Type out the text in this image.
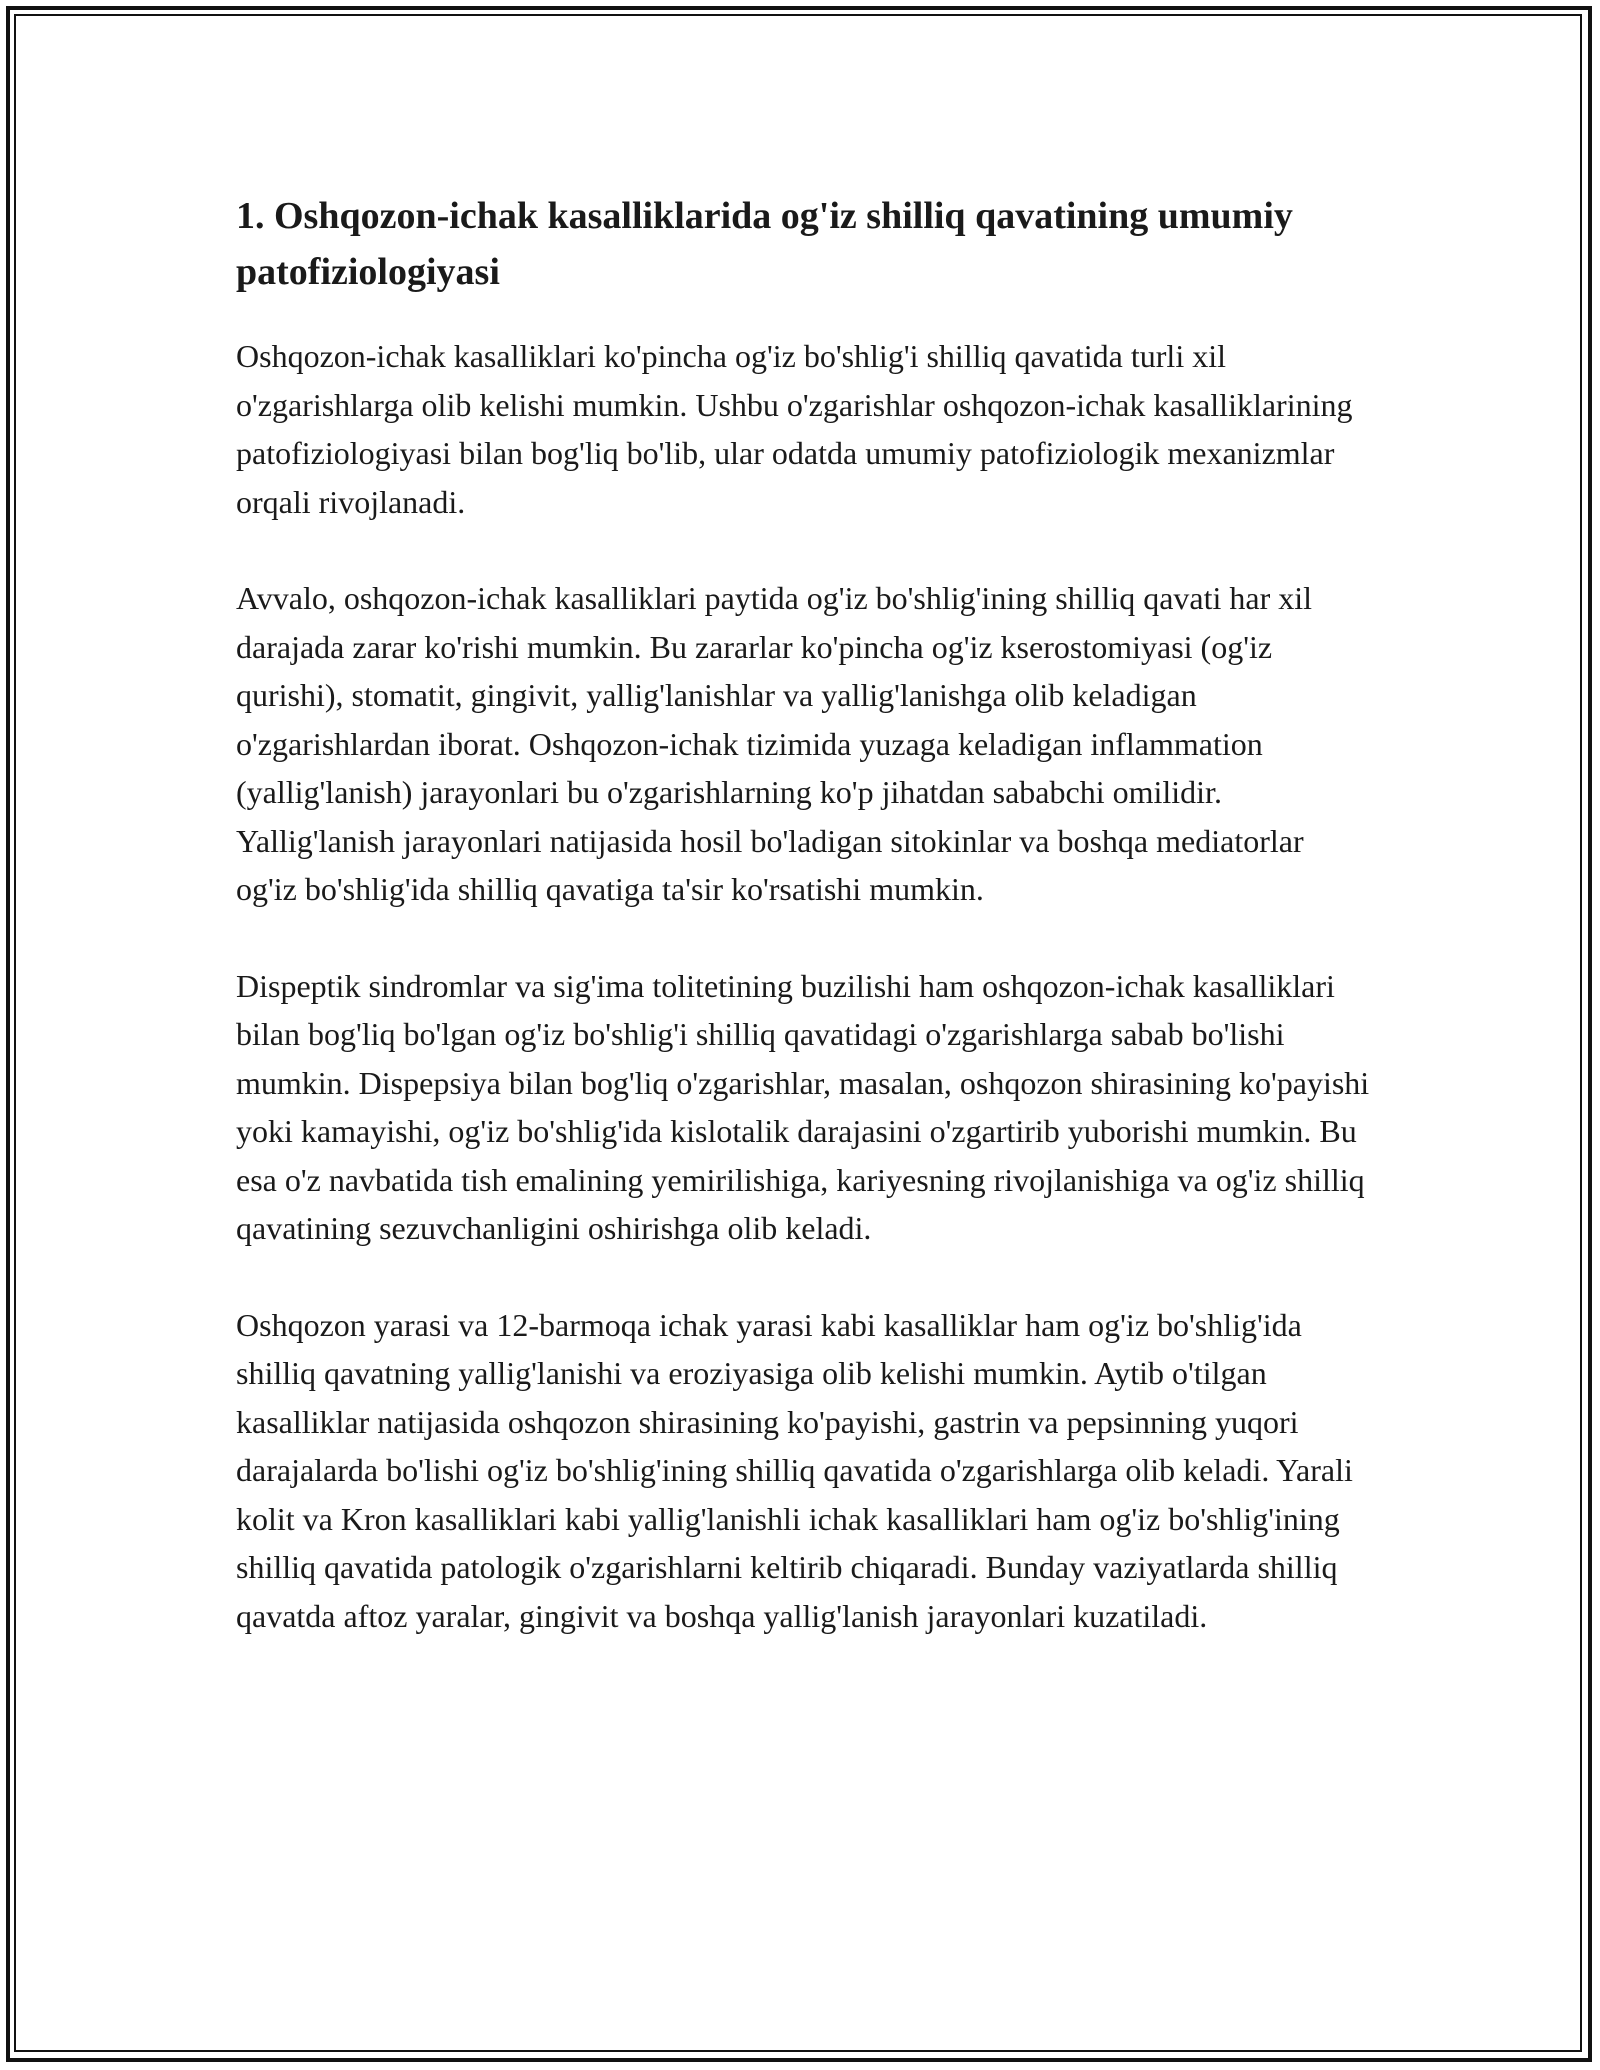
1. Oshqozon-ichak kasalliklarida og'iz shilliq qavatining umumiy patofiziologiyasi

Oshqozon-ichak kasalliklari ko'pincha og'iz bo'shlig'i shilliq qavatida turli xil o'zgarishlarga olib kelishi mumkin. Ushbu o'zgarishlar oshqozon-ichak kasalliklarining patofiziologiyasi bilan bog'liq bo'lib, ular odatda umumiy patofiziologik mexanizmlar orqali rivojlanadi.

Avvalo, oshqozon-ichak kasalliklari paytida og'iz bo'shlig'ining shilliq qavati har xil darajada zarar ko'rishi mumkin. Bu zararlar ko'pincha og'iz kserostomiyasi (og'iz qurishi), stomatit, gingivit, yallig'lanishlar va yallig'lanishga olib keladigan o'zgarishlardan iborat. Oshqozon-ichak tizimida yuzaga keladigan inflammation (yallig'lanish) jarayonlari bu o'zgarishlarning ko'p jihatdan sababchi omilidir. Yallig'lanish jarayonlari natijasida hosil bo'ladigan sitokinlar va boshqa mediatorlar og'iz bo'shlig'ida shilliq qavatiga ta'sir ko'rsatishi mumkin.

Dispeptik sindromlar va sig'ima tolitetining buzilishi ham oshqozon-ichak kasalliklari bilan bog'liq bo'lgan og'iz bo'shlig'i shilliq qavatidagi o'zgarishlarga sabab bo'lishi mumkin. Dispepsiya bilan bog'liq o'zgarishlar, masalan, oshqozon shirasining ko'payishi yoki kamayishi, og'iz bo'shlig'ida kislotalik darajasini o'zgartirib yuborishi mumkin. Bu esa o'z navbatida tish emalining yemirilishiga, kariyesning rivojlanishiga va og'iz shilliq qavatining sezuvchanligini oshirishga olib keladi.

Oshqozon yarasi va 12-barmoqa ichak yarasi kabi kasalliklar ham og'iz bo'shlig'ida shilliq qavatning yallig'lanishi va eroziyasiga olib kelishi mumkin. Aytib o'tilgan kasalliklar natijasida oshqozon shirasining ko'payishi, gastrin va pepsinning yuqori darajalarda bo'lishi og'iz bo'shlig'ining shilliq qavatida o'zgarishlarga olib keladi. Yarali kolit va Kron kasalliklari kabi yallig'lanishli ichak kasalliklari ham og'iz bo'shlig'ining shilliq qavatida patologik o'zgarishlarni keltirib chiqaradi. Bunday vaziyatlarda shilliq qavatda aftoz yaralar, gingivit va boshqa yallig'lanish jarayonlari kuzatiladi.
